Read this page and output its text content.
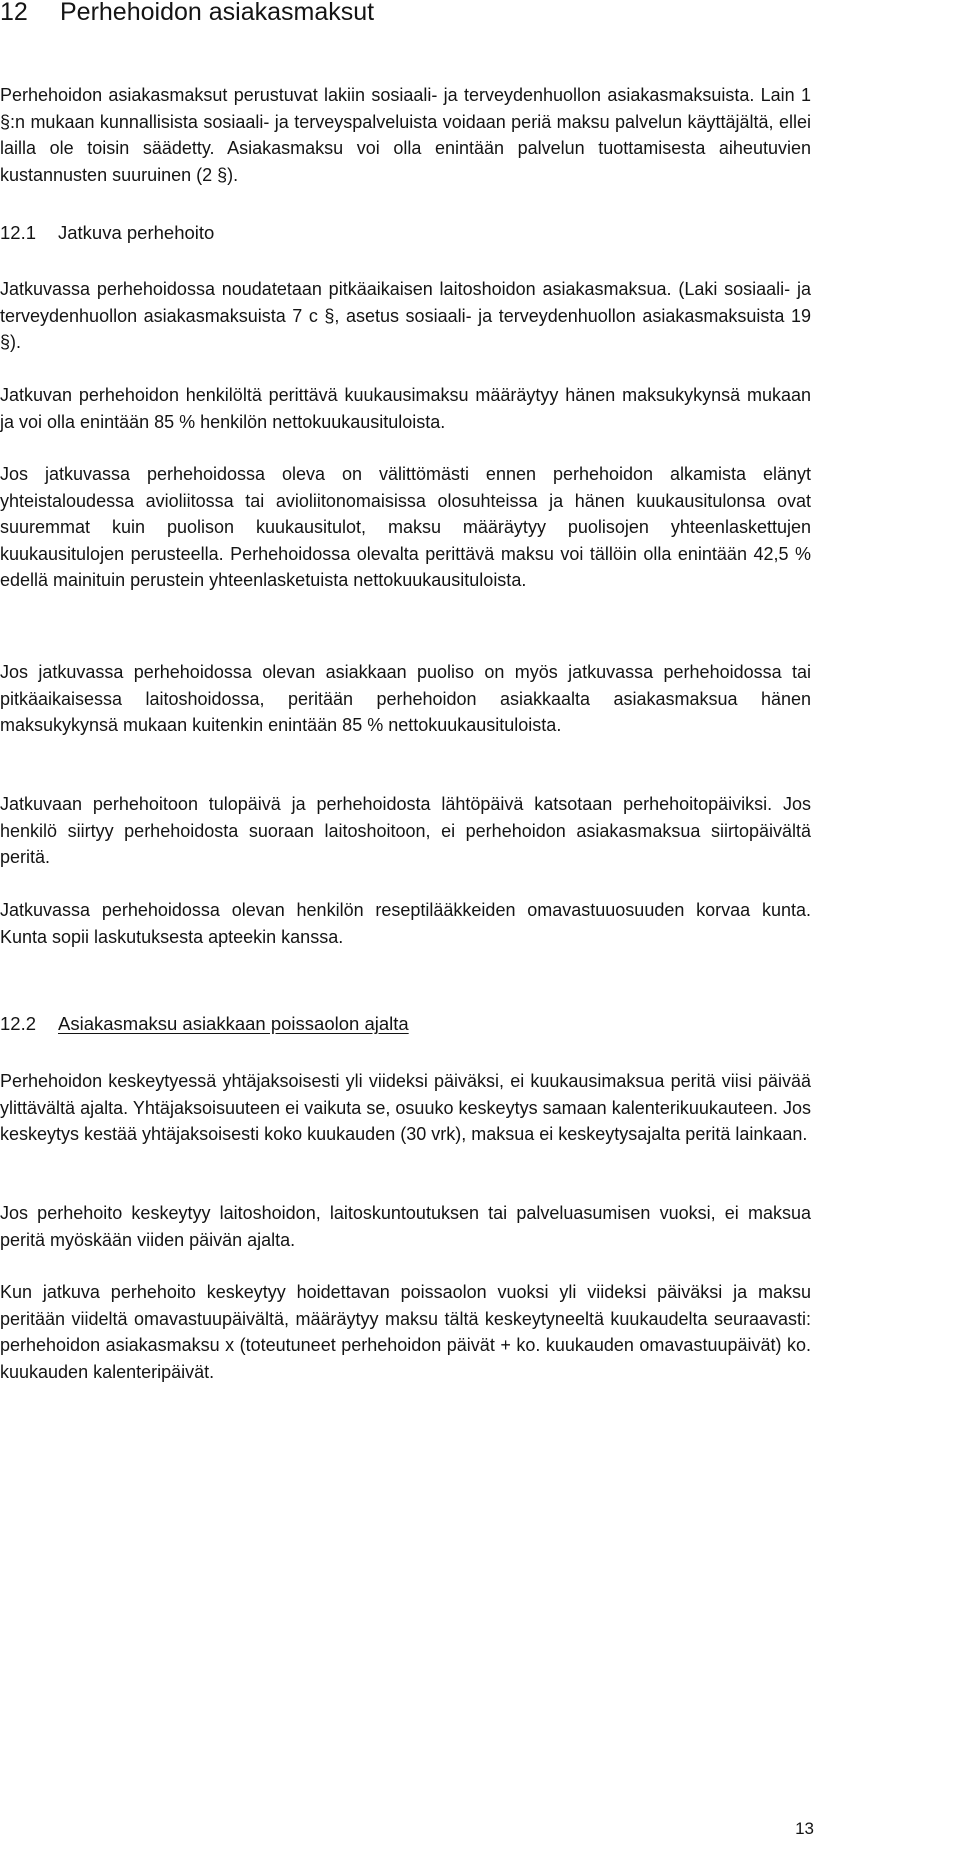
12 Perhehoidon asiakasmaksut

Perhehoidon asiakasmaksut perustuvat lakiin sosiaali- ja terveydenhuollon asiakasmaksuista. Lain 1 §:n mukaan kunnallisista sosiaali- ja terveyspalveluista voidaan periä maksu palvelun käyttäjältä, ellei lailla ole toisin säädetty. Asiakasmaksu voi olla enintään palvelun tuottamisesta aiheutuvien kustannusten suuruinen (2 §).

12.1 Jatkuva perhehoito

Jatkuvassa perhehoidossa noudatetaan pitkäaikaisen laitoshoidon asiakasmaksua. (Laki sosiaali- ja terveydenhuollon asiakasmaksuista 7 c §, asetus sosiaali- ja terveydenhuollon asiakasmaksuista 19 §).

Jatkuvan perhehoidon henkilöltä perittävä kuukausimaksu määräytyy hänen maksukykynsä mukaan ja voi olla enintään 85 % henkilön nettokuukausituloista.

Jos jatkuvassa perhehoidossa oleva on välittömästi ennen perhehoidon alkamista elänyt yhteistaloudessa avioliitossa tai avioliitonomaisissa olosuhteissa ja hänen kuukausitulonsa ovat suuremmat kuin puolison kuukausitulot, maksu määräytyy puolisojen yhteenlaskettujen kuukausitulojen perusteella. Perhehoidossa olevalta perittävä maksu voi tällöin olla enintään 42,5 % edellä mainituin perustein yhteenlasketuista nettokuukausituloista.

Jos jatkuvassa perhehoidossa olevan asiakkaan puoliso on myös jatkuvassa perhehoidossa tai pitkäaikaisessa laitoshoidossa, peritään perhehoidon asiakkaalta asiakasmaksua hänen maksukykynsä mukaan kuitenkin enintään 85 % nettokuukausituloista.

Jatkuvaan perhehoitoon tulopäivä ja perhehoidosta lähtöpäivä katsotaan perhehoitopäiviksi. Jos henkilö siirtyy perhehoidosta suoraan laitoshoitoon, ei perhehoidon asiakasmaksua siirtopäivältä peritä.

Jatkuvassa perhehoidossa olevan henkilön reseptilääkkeiden omavastuuosuuden korvaa kunta. Kunta sopii laskutuksesta apteekin kanssa.

12.2 Asiakasmaksu asiakkaan poissaolon ajalta

Perhehoidon keskeytyessä yhtäjaksoisesti yli viideksi päiväksi, ei kuukausimaksua peritä viisi päivää ylittävältä ajalta. Yhtäjaksoisuuteen ei vaikuta se, osuuko keskeytys samaan kalenterikuukauteen. Jos keskeytys kestää yhtäjaksoisesti koko kuukauden (30 vrk), maksua ei keskeytysajalta peritä lainkaan.

Jos perhehoito keskeytyy laitoshoidon, laitoskuntoutuksen tai palveluasumisen vuoksi, ei maksua peritä myöskään viiden päivän ajalta.

Kun jatkuva perhehoito keskeytyy hoidettavan poissaolon vuoksi yli viideksi päiväksi ja maksu peritään viideltä omavastuupäivältä, määräytyy maksu tältä keskeytyneeltä kuukaudelta seuraavasti: perhehoidon asiakasmaksu x (toteutuneet perhehoidon päivät + ko. kuukauden omavastuupäivät) ko. kuukauden kalenteripäivät.

13
